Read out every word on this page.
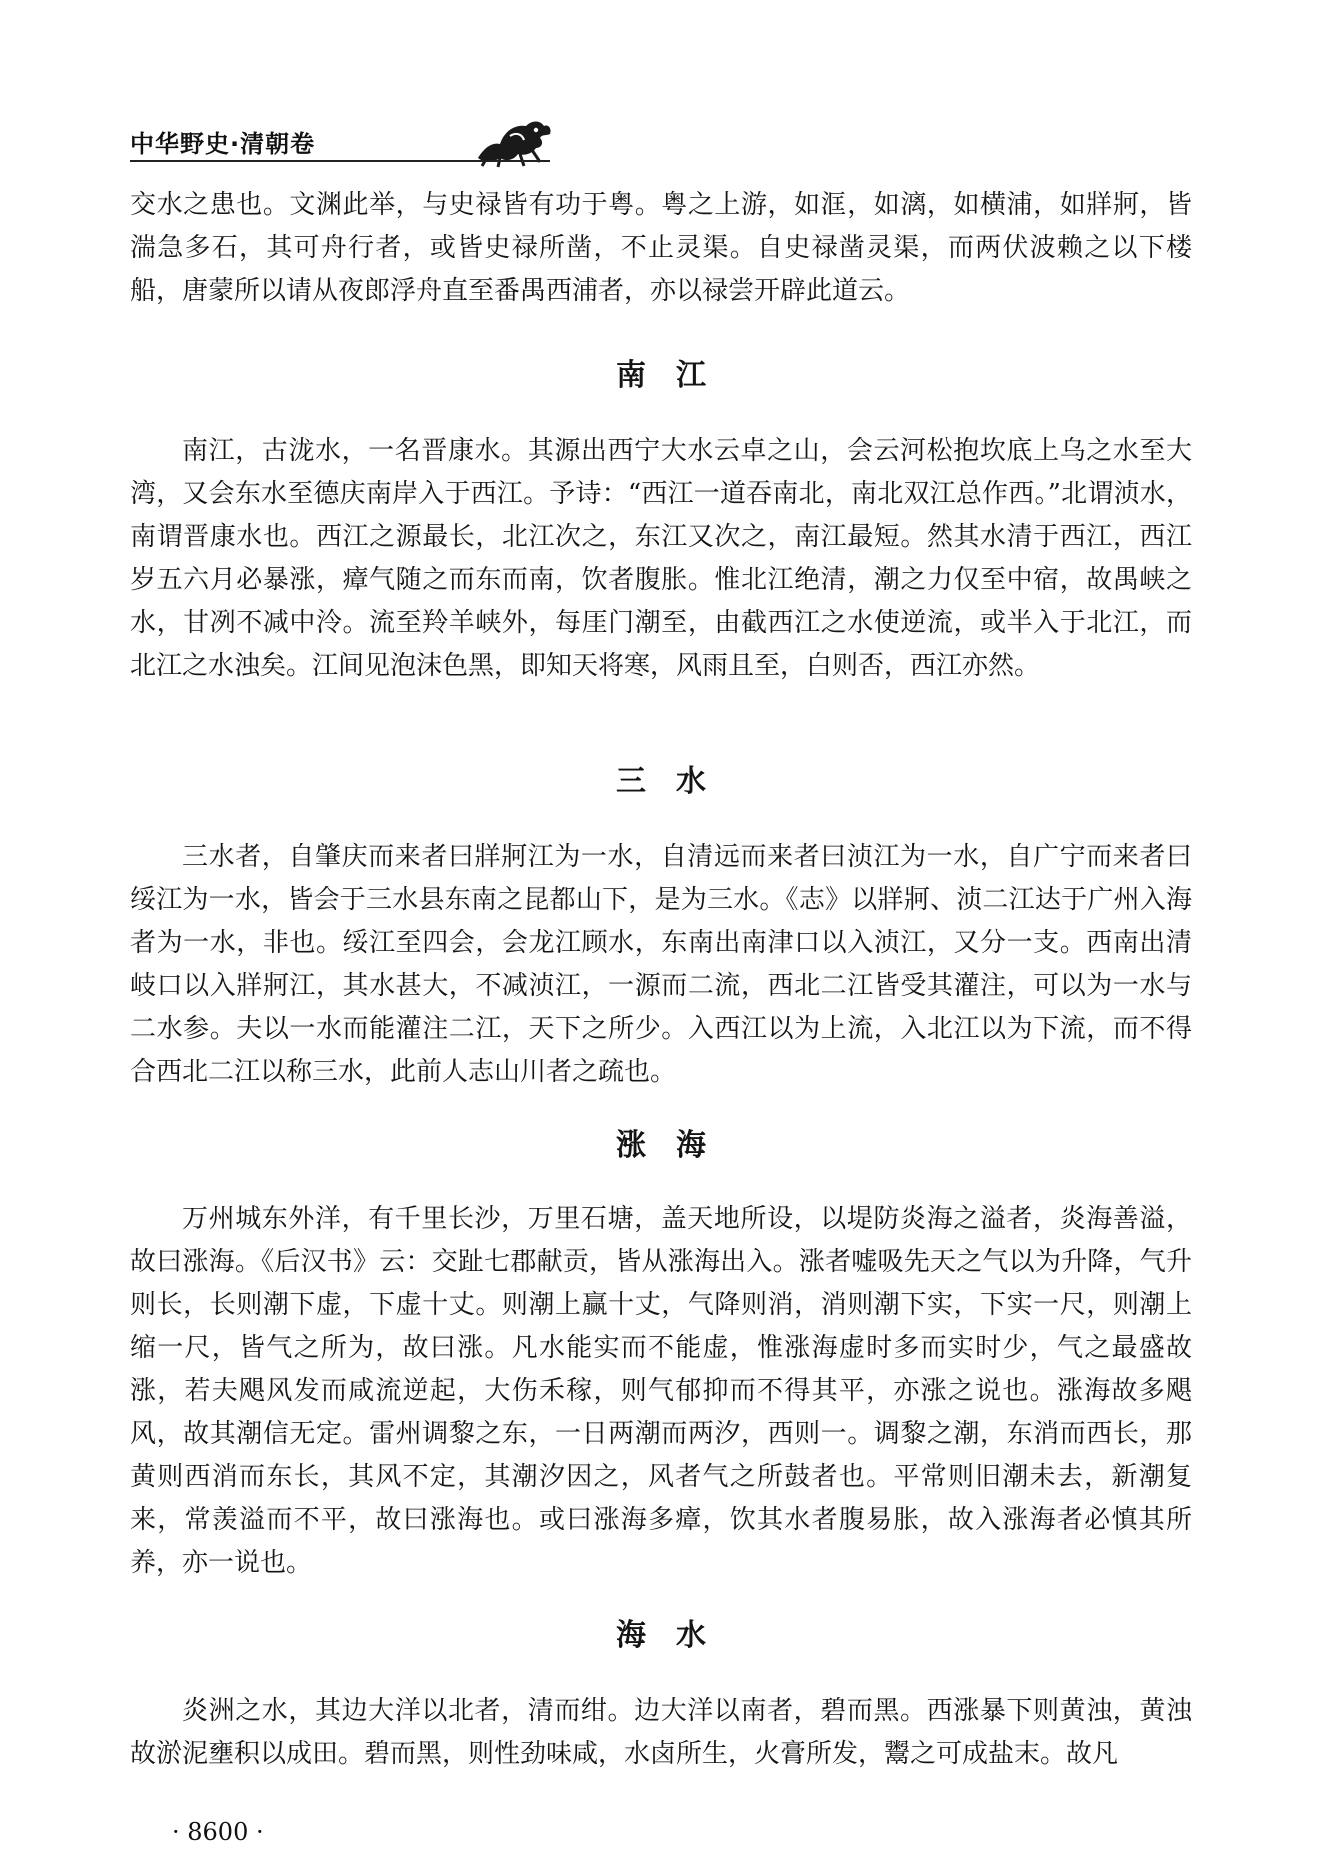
中华野史·清朝卷

交水之患也。文渊此举，与史禄皆有功于粤。粤之上游，如洭，如漓，如横浦，如牂牁，皆湍急多石，其可舟行者，或皆史禄所凿，不止灵渠。自史禄凿灵渠，而两伏波赖之以下楼船，唐蒙所以请从夜郎浮舟直至番禺西浦者，亦以禄尝开辟此道云。

南　江

南江，古泷水，一名晋康水。其源出西宁大水云卓之山，会云河松抱坎底上乌之水至大湾，又会东水至德庆南岸入于西江。予诗：“西江一道吞南北，南北双江总作西。”北谓浈水，南谓晋康水也。西江之源最长，北江次之，东江又次之，南江最短。然其水清于西江，西江岁五六月必暴涨，瘴气随之而东而南，饮者腹胀。惟北江绝清，潮之力仅至中宿，故禺峡之水，甘冽不减中泠。流至羚羊峡外，每厓门潮至，由截西江之水使逆流，或半入于北江，而北江之水浊矣。江间见泡沫色黑，即知天将寒，风雨且至，白则否，西江亦然。

三　水

三水者，自肇庆而来者曰牂牁江为一水，自清远而来者曰浈江为一水，自广宁而来者曰绥江为一水，皆会于三水县东南之昆都山下，是为三水。《志》以牂牁、浈二江达于广州入海者为一水，非也。绥江至四会，会龙江顾水，东南出南津口以入浈江，又分一支。西南出清岐口以入牂牁江，其水甚大，不减浈江，一源而二流，西北二江皆受其灌注，可以为一水与二水参。夫以一水而能灌注二江，天下之所少。入西江以为上流，入北江以为下流，而不得合西北二江以称三水，此前人志山川者之疏也。

涨　海

万州城东外洋，有千里长沙，万里石塘，盖天地所设，以堤防炎海之溢者，炎海善溢，故曰涨海。《后汉书》云：交趾七郡献贡，皆从涨海出入。涨者嘘吸先天之气以为升降，气升则长，长则潮下虚，下虚十丈。则潮上赢十丈，气降则消，消则潮下实，下实一尺，则潮上缩一尺，皆气之所为，故曰涨。凡水能实而不能虚，惟涨海虚时多而实时少，气之最盛故涨，若夫飓风发而咸流逆起，大伤禾稼，则气郁抑而不得其平，亦涨之说也。涨海故多飓风，故其潮信无定。雷州调黎之东，一日两潮而两汐，西则一。调黎之潮，东消而西长，那黄则西消而东长，其风不定，其潮汐因之，风者气之所鼓者也。平常则旧潮未去，新潮复来，常羡溢而不平，故曰涨海也。或曰涨海多瘴，饮其水者腹易胀，故入涨海者必慎其所养，亦一说也。

海　水

炎洲之水，其边大洋以北者，清而绀。边大洋以南者，碧而黑。西涨暴下则黄浊，黄浊故淤泥壅积以成田。碧而黑，则性劲味咸，水卤所生，火膏所发，鬻之可成盐末。故凡

· 8600 ·
